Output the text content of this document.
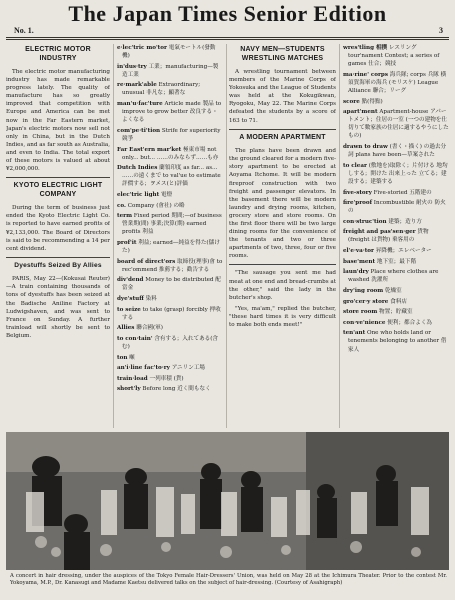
The Japan Times Senior Edition
No. 1.	3
ELECTRIC MOTOR INDUSTRY

The electric motor manufacturing industry has made remarkable progress lately. The quality of manufacture has so greatly improved that competition with Europe and America can be met now in the Far Eastern market, Japan's electric motors now sell not only in China, but in the Dutch Indies, and as far south as Australia, and even to India. The total export of these motors is valued at about ¥2,000,000.

KYOTO ELECTRIC LIGHT COMPANY

During the term of business just ended the Kyoto Electric Light Co. is reported to have earned profits of ¥2,133,000. The Board of Directors is said to be recommending a 14 per cent dividend.

Dyestuffs Seized By Allies

PARIS, May 22—(Kokusai Reuter)—A train containing thousands of tons of dyestuffs has been seized at the Badische Aniline Factory at Ludwigshaven, and was sent to France on Sunday. A further trainload will shortly be sent to Belgium.

e·lec'tric mo'tor 電氣モートル(發動機)
in'dus·try 工業；manufacturing—製造工業
re·mark'able Extraordinary; unusual 非凡な；顯著な
man'u·fac'ture Article made 製品 to improve to grow better 改良する・よくなる
com'pe·ti'tion Strife for superiority 競爭
Far East'ern mar'ket 極東市場 not only... but... ……のみならず……も亦
Dutch Indies 蘭領印度 as far... as... ……の遠くまで to val'ue to estimate 評價する；ヲメス(と)評価
elec'tric light 電燈
co. Company (會社) の略
term Fixed period 期間;—of business 營業期(間) 事業;決算(期) earned profits 利益
prof'it 利益; earned—純益を得た(儲けた)
board of direct'ors 取締役(理事)會 to rec'ommend 推薦する；勸告する
div'dend Money to be distributed 配當金
dye'stuff 染料
to seize to take (grasp) forcibly 押收する
Allies 聯合國(軍)
to con·tain' 含有する；入れてある(含む)
ton 噸
an'i·line fac'to·ry アニリン工場
train·load 一列車積 (貨)
short'ly Before long 近く間もなく
NAVY MEN—STUDENTS WRESTLING MATCHES

A wrestling tournament between members of the Marine Corps of Yokosuka and the League of Students was held at the Kokugikwan, Ryogoku, May 22. The Marine Corps defeated the students by a score of 163 to 71.

A MODERN APARTMENT

The plans have been drawn and the ground cleared for a modern five-story apartment to be erected at Aoyama Itchome. It will be modern fireproof construction with two freight and passenger elevators. In the basement there will be modern laundry and drying rooms, kitchen, grocery store and store rooms. On the first floor there will be two large dining rooms for the convenience of the tenants and two or three apartments of two, three, four or five rooms.

"The sausage you sent me had meat at one end and bread-crumbs at the other," said the lady in the butcher's shop.

"Yes, ma'am," replied the butcher, "these hard times it is very difficult to make both ends meet!"

wres'tling 相撲 レスリング tour'nament Contest; a series of games 仕合；競技
ma·rine' corps 海兵隊; corps 兵隊 横須賀海軍の海兵 (モリスケ) League Alliance 聯合；リーグ
score 點(得點)
apart'ment Apartment-house アパートメント；住居の一室 (一つの建物を仕切りて數家族の住居に適するやうにしたもの)
drawn to draw (書く・描く) の過去分詞 plans have been—草案された
to clear (敷地を)取除く；片付ける 地均しする；開けた 出來上った 立てる；建設する；建築する
five-story Five-storied 五階建の
fire'proof Incombustible 耐火の 防火の
con·struc'tion 建築；造り方
freight and pas'sen·ger 貨物 (freight は貨物) 乗客用の
el'e·va·tor 昇降機；エレベーター
base'ment 地下室；最下階
laun'dry Place where clothes are washed 洗濯所
dry'ing room 乾燥室
gro'cer·y store 食料店
store room 物置；貯藏室
con·ve'nience 便利；都合よく為
ten'ant One who holds land or tenements belonging to another 借家人
A concert in hair dressing, under the auspices of the Tokyo Female Hair-Dressers' Union, was held on May 28 at the Ichimura Theater. Prior to the contest Mr. Yokoyama, M.P., Dr. Kanasugi and Madame Kaetsu delivered talks on the subject of hair-dressing. (Courtesy of Asahigraph)
